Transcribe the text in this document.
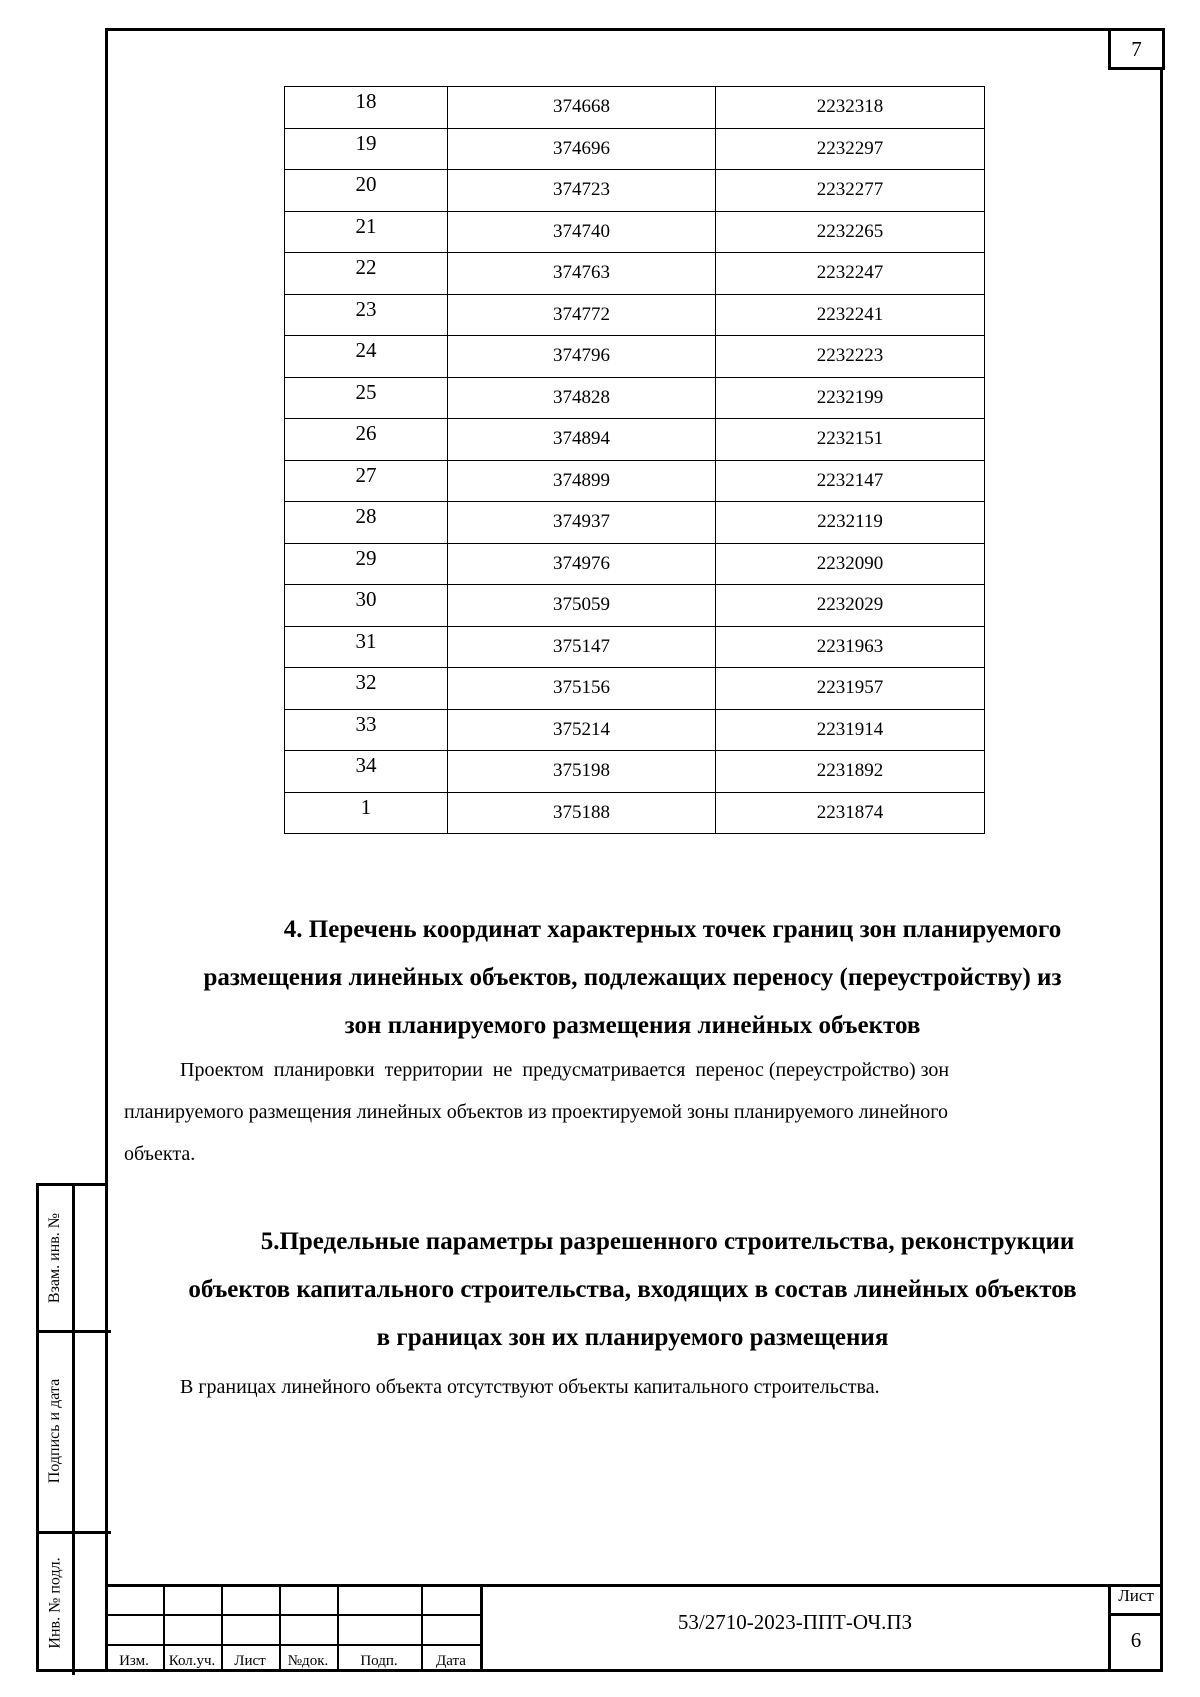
7
Взам. инв. №
Подпись и дата
Инв. № подл.
18	374668	2232318
19	374696	2232297
20	374723	2232277
21	374740	2232265
22	374763	2232247
23	374772	2232241
24	374796	2232223
25	374828	2232199
26	374894	2232151
27	374899	2232147
28	374937	2232119
29	374976	2232090
30	375059	2232029
31	375147	2231963
32	375156	2231957
33	375214	2231914
34	375198	2231892
1	375188	2231874
4. Перечень координат характерных точек границ зон планируемого
размещения линейных объектов, подлежащих переносу (переустройству) из
зон планируемого размещения линейных объектов
Проектом  планировки  территории  не  предусматривается  перенос (переустройство) зон
планируемого размещения линейных объектов из проектируемой зоны планируемого линейного
объекта.
5.Предельные параметры разрешенного строительства, реконструкции
объектов капитального строительства, входящих в состав линейных объектов
в границах зон их планируемого размещения
В границах линейного объекта отсутствуют объекты капитального строительства.
Изм.	Кол.уч.	Лист	№док.	Подп.	Дата
53/2710-2023-ППТ-ОЧ.ПЗ
Лист
6
